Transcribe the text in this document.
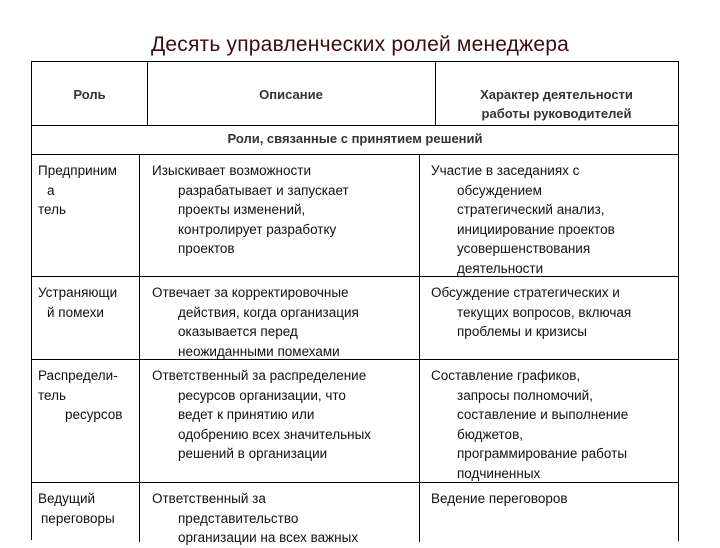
Десять управленческих ролей менеджера
Роль	Описание	Характер деятельности
работы руководителей
Роли, связанные с принятием решений
Предприним
а
тель
Изыскивает возможности
разрабатывает и запускает
проекты изменений,
контролирует разработку
проектов
Участие в заседаниях с
обсуждением
стратегический анализ,
инициирование проектов
усовершенствования
деятельности
Устраняющи
й помехи
Отвечает за корректировочные
действия, когда организация
оказывается перед
неожиданными помехами
Обсуждение стратегических и
текущих вопросов, включая
проблемы и кризисы
Распредели-
тель
ресурсов
Ответственный за распределение
ресурсов организации, что
ведет к принятию или
одобрению всех значительных
решений в организации
Составление графиков,
запросы полномочий,
составление и выполнение
бюджетов,
программирование работы
подчиненных
Ведущий
переговоры
Ответственный за
представительство
организации на всех важных
Ведение переговоров
